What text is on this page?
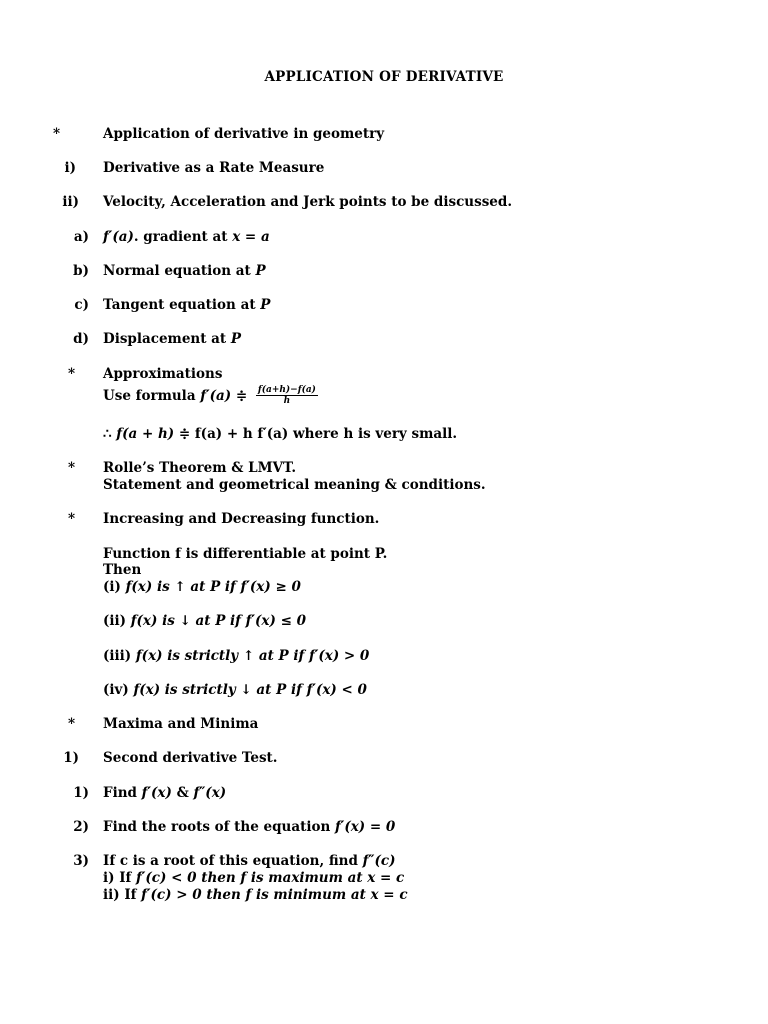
APPLICATION OF DERIVATIVE
*	Application of derivative in geometry
i) Derivative as a Rate Measure
ii) Velocity, Acceleration and Jerk points to be discussed.
a) f′(a). gradient at x = a
b) Normal equation at P
c) Tangent equation at P
d) Displacement at P
* Approximations
Use formula f′(a) ≑ $\frac{f(a+h)-f(a)}{h}$
∴ f(a + h) ≑ f(a) + h f′(a) where h is very small.
* Rolle’s Theorem & LMVT.
Statement and geometrical meaning & conditions.
* Increasing and Decreasing function.
Function f is differentiable at point P.
Then
(i) f(x) is ↑ at P if f′(x) ≥ 0
(ii) f(x) is ↓ at P if f′(x) ≤ 0
(iii) f(x) is strictly ↑ at P if f′(x) > 0
(iv) f(x) is strictly ↓ at P if f′(x) < 0
* Maxima and Minima
1) Second derivative Test.
1) Find f′(x) & f″(x)
2) Find the roots of the equation f′(x) = 0
3) If c is a root of this equation, find f″(c)
i) If f′(c) < 0 then f is maximum at x = c
ii) If f′(c) > 0 then f is minimum at x = c
